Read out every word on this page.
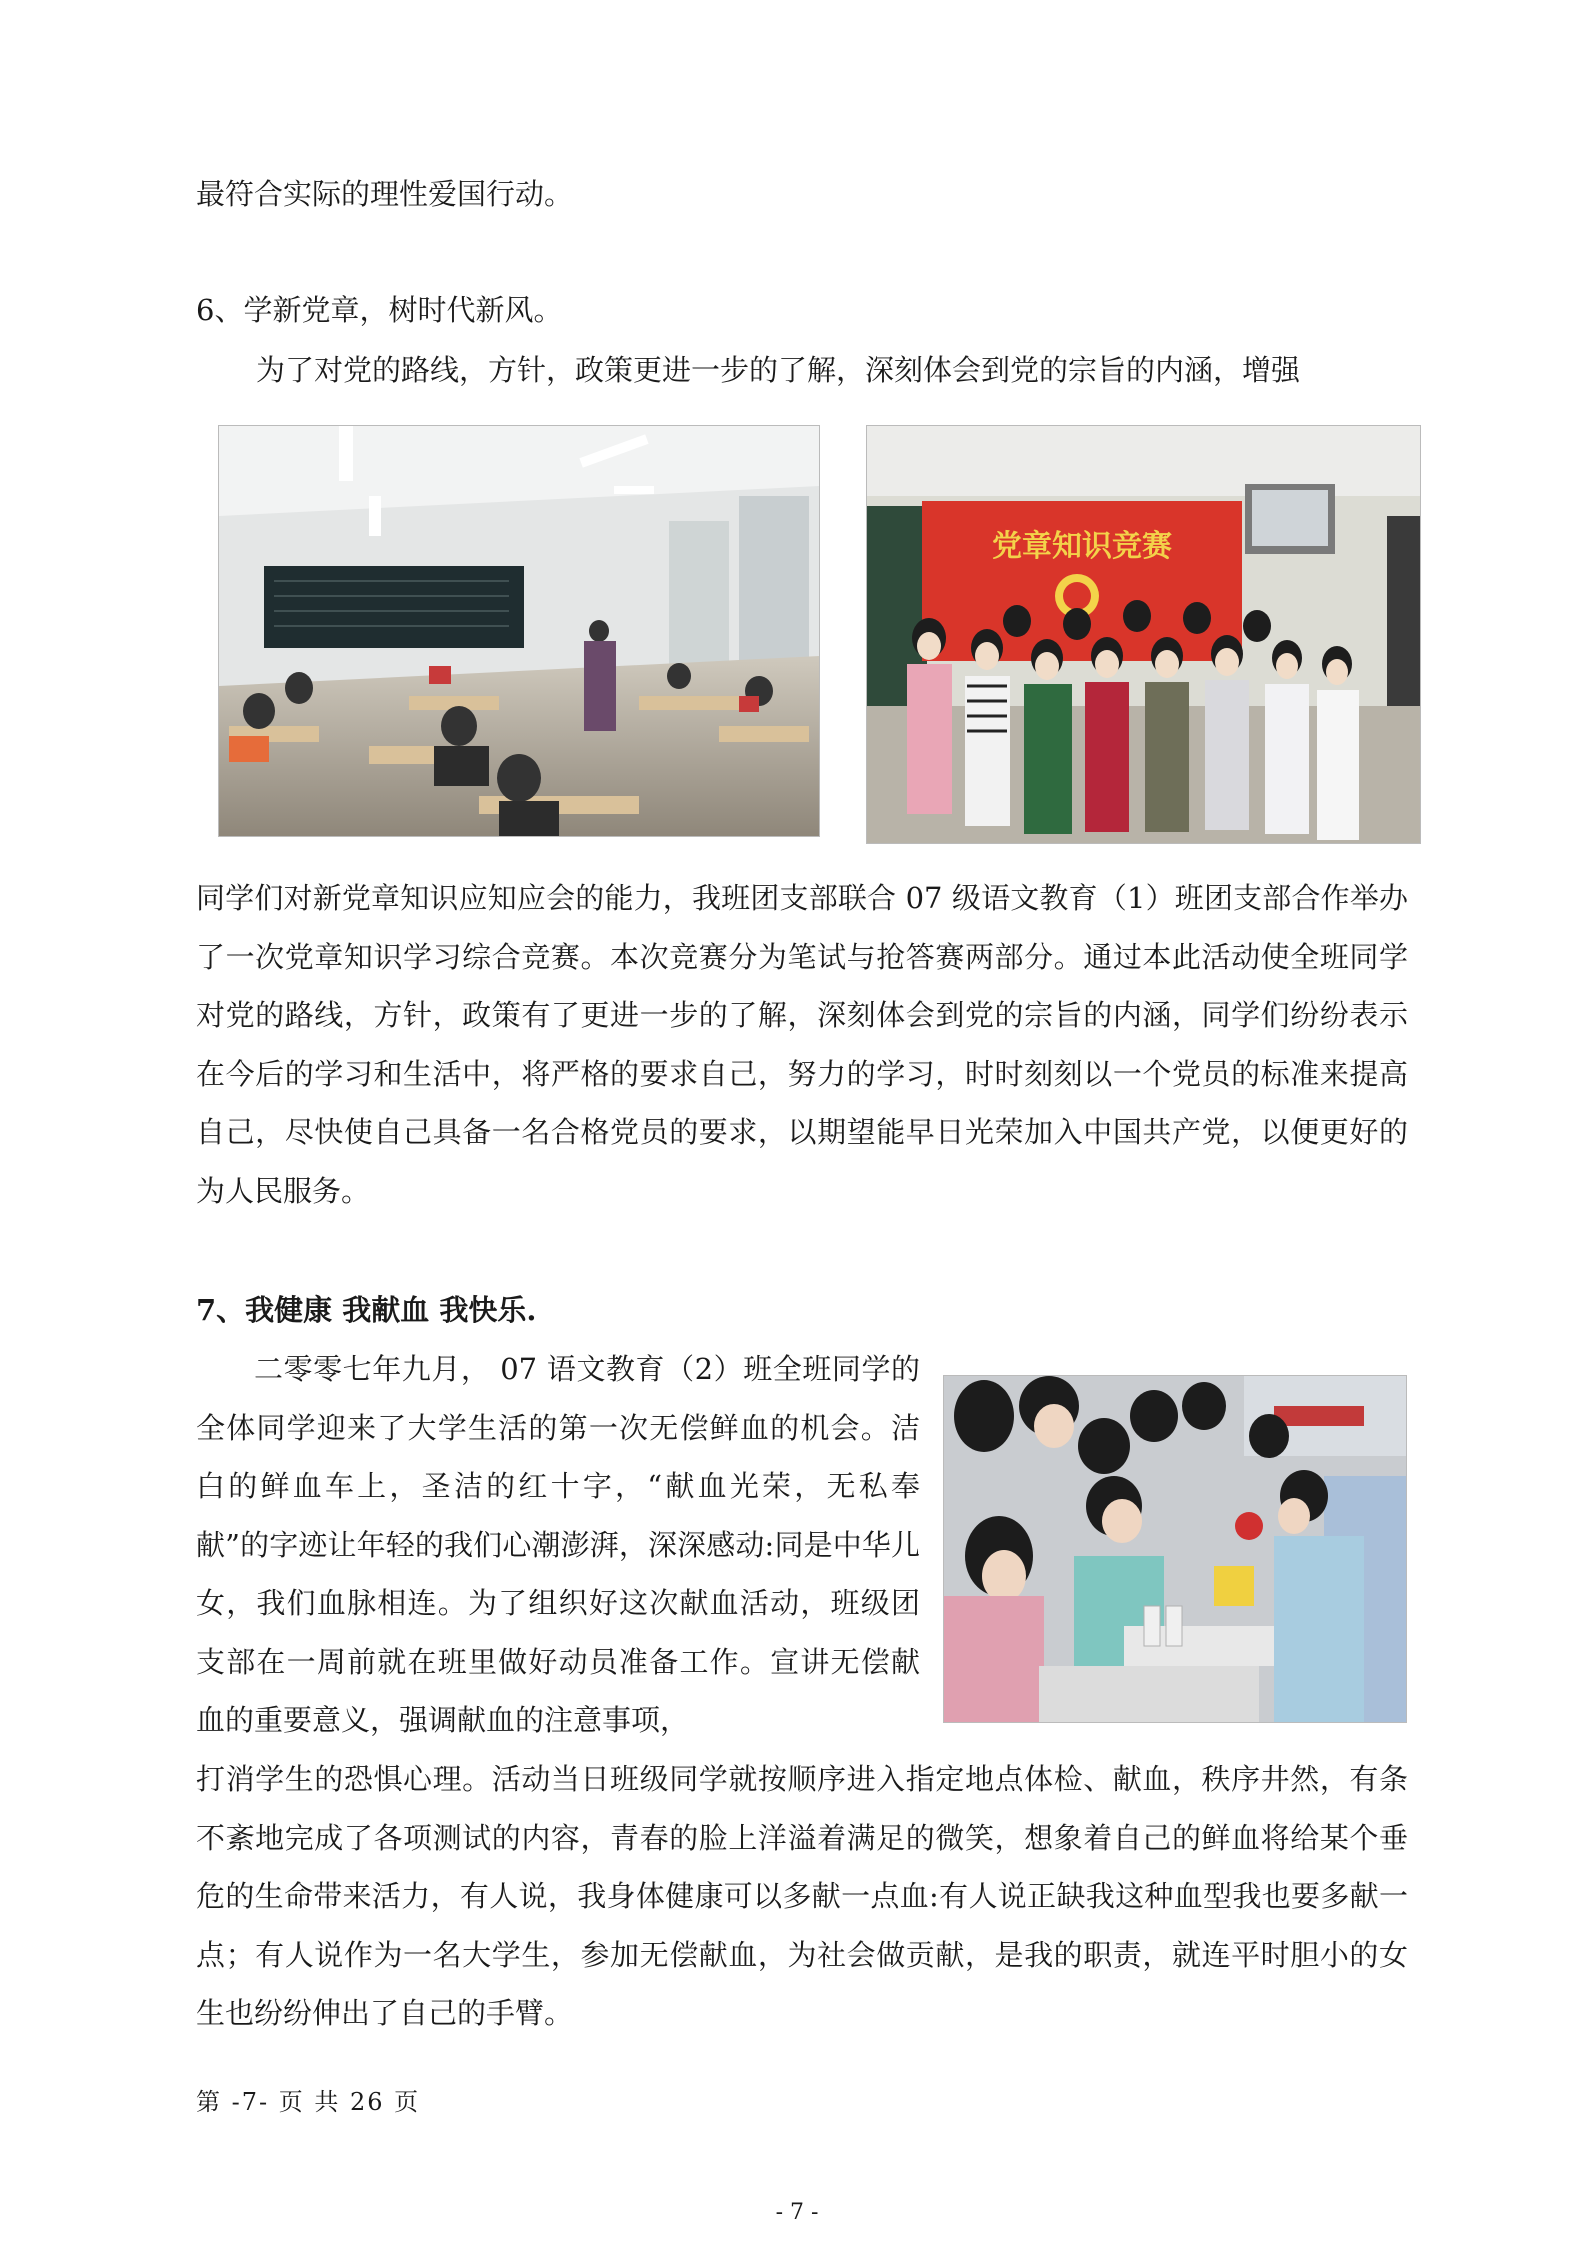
最符合实际的理性爱国行动。
6、学新党章，树时代新风。
为了对党的路线，方针，政策更进一步的了解，深刻体会到党的宗旨的内涵，增强
党章知识竞赛
同学们对新党章知识应知应会的能力，我班团支部联合 07 级语文教育（1）班团支部合作举办了一次党章知识学习综合竞赛。本次竞赛分为笔试与抢答赛两部分。通过本此活动使全班同学对党的路线，方针，政策有了更进一步的了解，深刻体会到党的宗旨的内涵，同学们纷纷表示在今后的学习和生活中，将严格的要求自己，努力的学习，时时刻刻以一个党员的标准来提高自己，尽快使自己具备一名合格党员的要求，以期望能早日光荣加入中国共产党，以便更好的为人民服务。
7、我健康 我献血 我快乐.
二零零七年九月， 07 语文教育（2）班全班同学的全体同学迎来了大学生活的第一次无偿鲜血的机会。洁白的鲜血车上，圣洁的红十字，“献血光荣，无私奉献”的字迹让年轻的我们心潮澎湃，深深感动:同是中华儿女，我们血脉相连。为了组织好这次献血活动，班级团支部在一周前就在班里做好动员准备工作。宣讲无偿献血的重要意义，强调献血的注意事项，
打消学生的恐惧心理。活动当日班级同学就按顺序进入指定地点体检、献血，秩序井然，有条不紊地完成了各项测试的内容，青春的脸上洋溢着满足的微笑，想象着自己的鲜血将给某个垂危的生命带来活力，有人说，我身体健康可以多献一点血:有人说正缺我这种血型我也要多献一点；有人说作为一名大学生，参加无偿献血，为社会做贡献，是我的职责，就连平时胆小的女生也纷纷伸出了自己的手臂。
第 -7- 页 共 26 页
- 7 -
